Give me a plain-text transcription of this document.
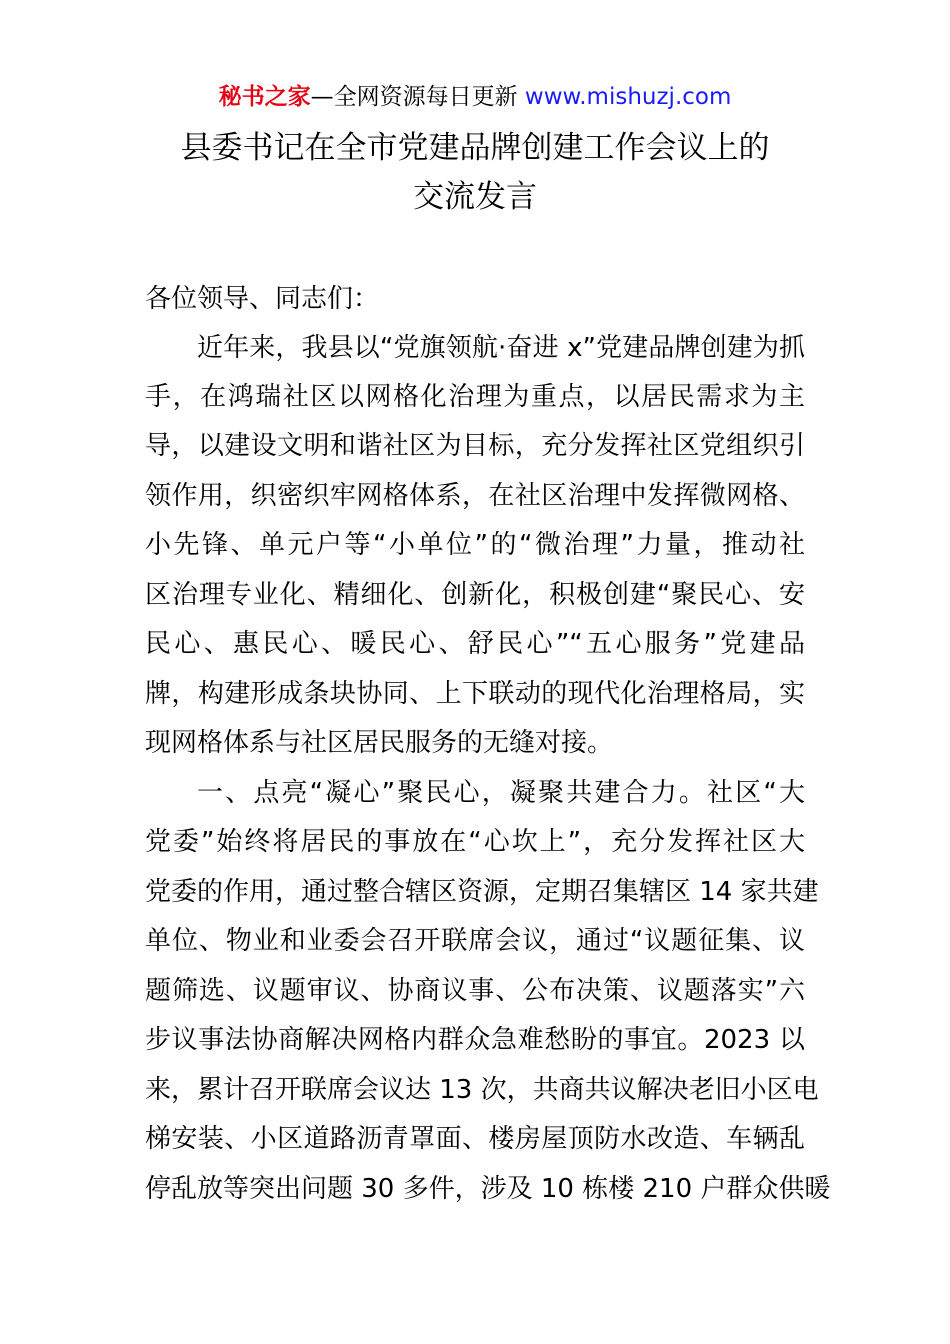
秘书之家—全网资源每日更新 www.mishuzj.com
县委书记在全市党建品牌创建工作会议上的
交流发言
各位领导、同志们：
近年来，我县以“党旗领航·奋进 x”党建品牌创建为抓
手，在鸿瑞社区以网格化治理为重点，以居民需求为主
导，以建设文明和谐社区为目标，充分发挥社区党组织引
领作用，织密织牢网格体系，在社区治理中发挥微网格、
小先锋、单元户等“小单位”的“微治理”力量，推动社
区治理专业化、精细化、创新化，积极创建“聚民心、安
民心、惠民心、暖民心、舒民心”“五心服务”党建品
牌，构建形成条块协同、上下联动的现代化治理格局，实
现网格体系与社区居民服务的无缝对接。
一、点亮“凝心”聚民心，凝聚共建合力。社区“大
党委”始终将居民的事放在“心坎上”，充分发挥社区大
党委的作用，通过整合辖区资源，定期召集辖区 14 家共建
单位、物业和业委会召开联席会议，通过“议题征集、议
题筛选、议题审议、协商议事、公布决策、议题落实”六
步议事法协商解决网格内群众急难愁盼的事宜。2023 以
来，累计召开联席会议达 13 次，共商共议解决老旧小区电
梯安装、小区道路沥青罩面、楼房屋顶防水改造、车辆乱
停乱放等突出问题 30 多件，涉及 10 栋楼 210 户群众供暖
